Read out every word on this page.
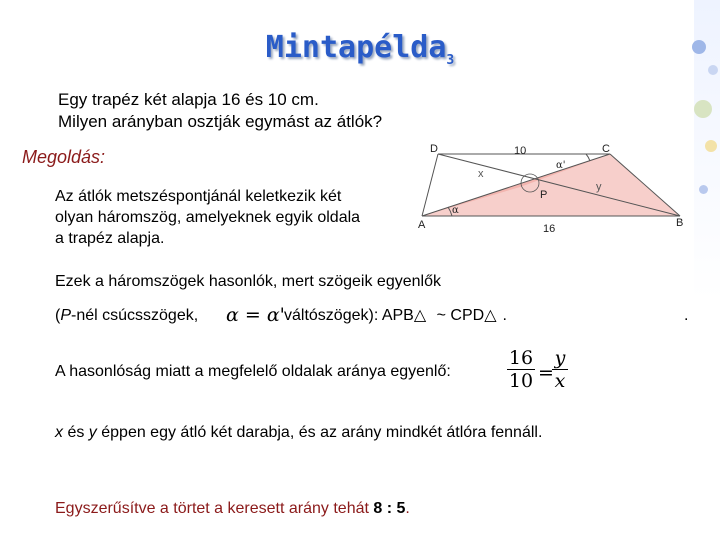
Mintapélda$_3$
Egy trapéz két alapja 16 és 10 cm.
Milyen arányban osztják egymást az átlók?
Megoldás:
Az átlók metszéspontjánál keletkezik két
olyan háromszög, amelyeknek egyik oldala
a trapéz alapja.
D	C
A	B
P
10
16
x
y
α
α'
Ezek a háromszögek hasonlók, mert szögeik egyenlők
(P-nél csúcsszögek, α = α' váltószögek): APB△ ~ CPD△ .	.
A hasonlóság miatt a megfelelő oldalak aránya egyenlő:
16
10 =
y
x
x és y éppen egy átló két darabja, és az arány mindkét átlóra fennáll.
Egyszerűsítve a törtet a keresett arány tehát 8 : 5.
